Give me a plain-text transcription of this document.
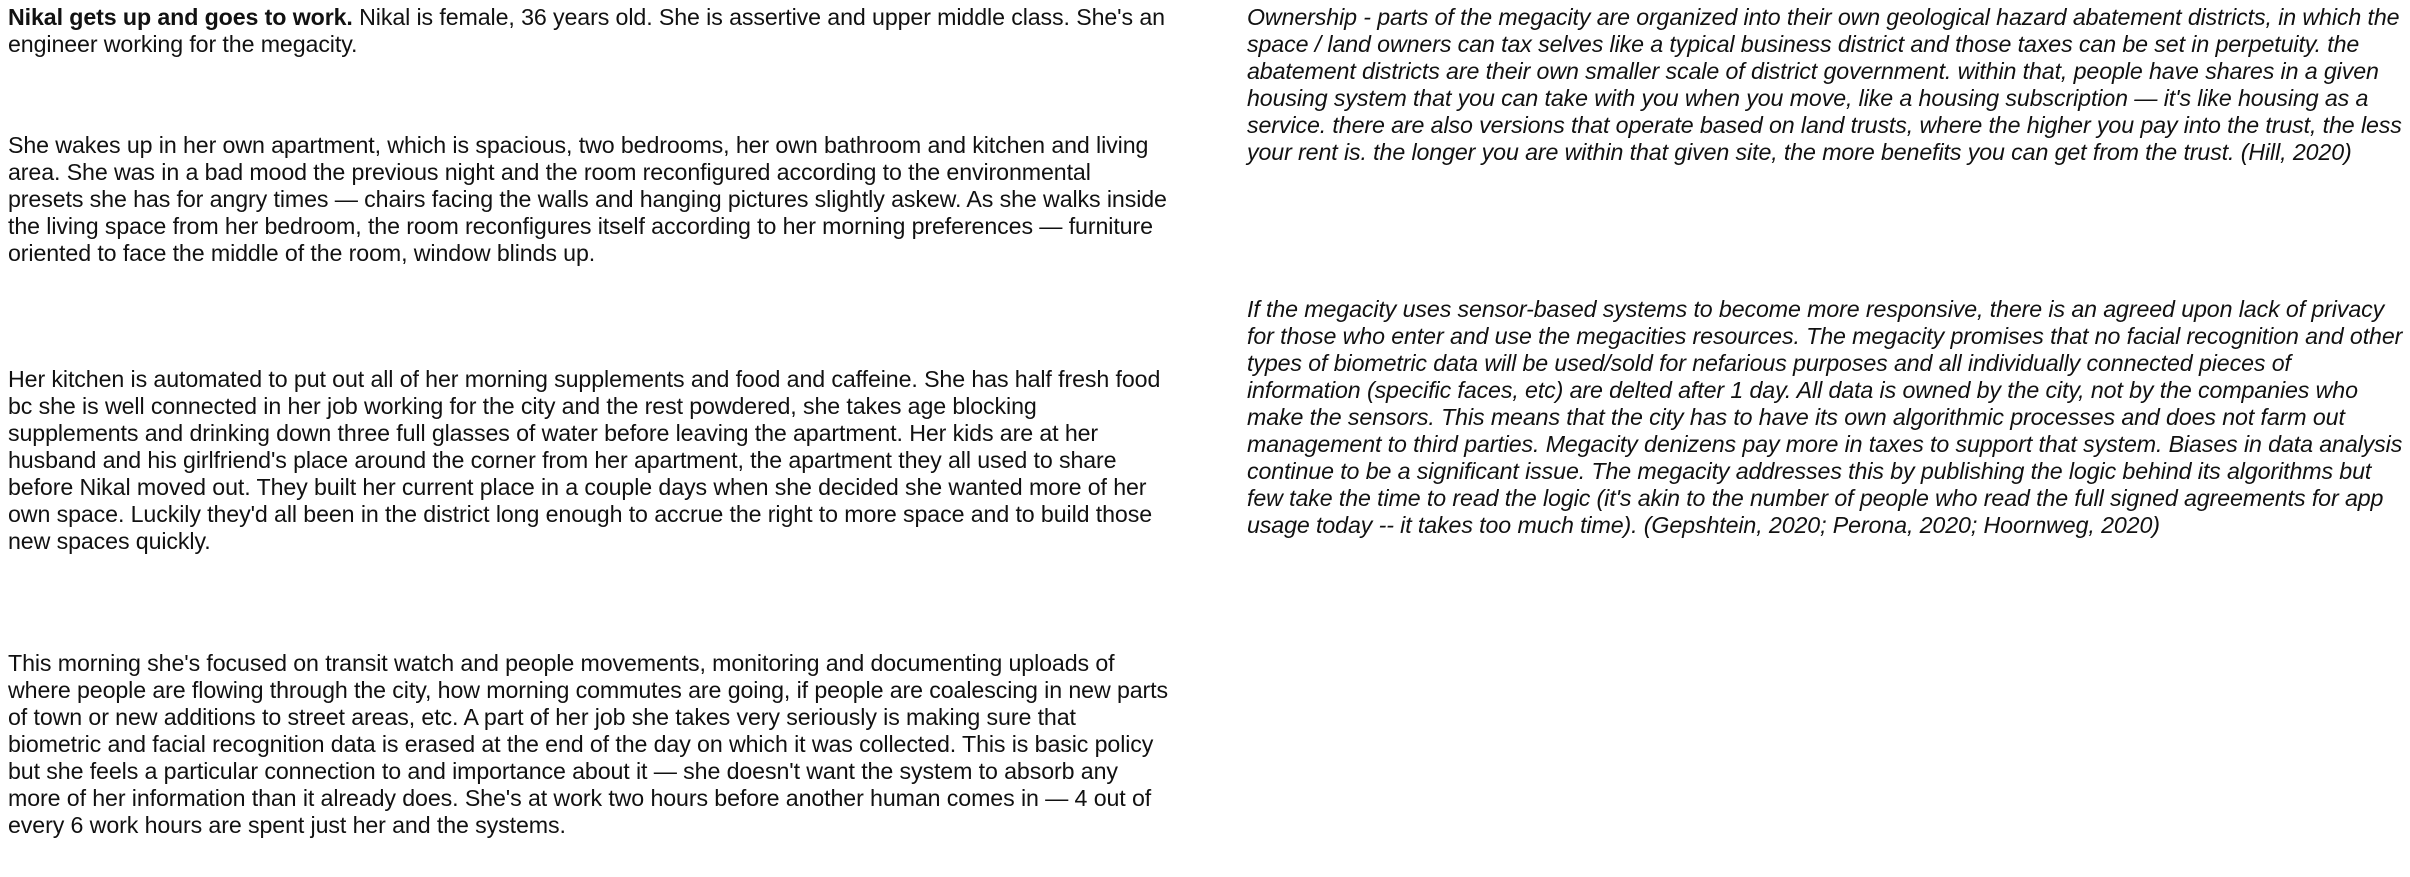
Nikal gets up and goes to work. Nikal is female, 36 years old. She is assertive and upper middle class. She's an engineer working for the megacity.

She wakes up in her own apartment, which is spacious, two bedrooms, her own bathroom and kitchen and living area. She was in a bad mood the previous night and the room reconfigured according to the environmental presets she has for angry times — chairs facing the walls and hanging pictures slightly askew. As she walks inside the living space from her bedroom, the room reconfigures itself according to her morning preferences — furniture oriented to face the middle of the room, window blinds up.

Her kitchen is automated to put out all of her morning supplements and food and caffeine. She has half fresh food bc she is well connected in her job working for the city and the rest powdered, she takes age blocking supplements and drinking down three full glasses of water before leaving the apartment. Her kids are at her husband and his girlfriend's place around the corner from her apartment, the apartment they all used to share before Nikal moved out. They built her current place in a couple days when she decided she wanted more of her own space. Luckily they'd all been in the district long enough to accrue the right to more space and to build those new spaces quickly.

This morning she's focused on transit watch and people movements, monitoring and documenting uploads of where people are flowing through the city, how morning commutes are going, if people are coalescing in new parts of town or new additions to street areas, etc. A part of her job she takes very seriously is making sure that biometric and facial recognition data is erased at the end of the day on which it was collected. This is basic policy but she feels a particular connection to and importance about it — she doesn't want the system to absorb any more of her information than it already does. She's at work two hours before another human comes in — 4 out of every 6 work hours are spent just her and the systems.

Ownership - parts of the megacity are organized into their own geological hazard abatement districts, in which the space / land owners can tax selves like a typical business district and those taxes can be set in perpetuity. the abatement districts are their own smaller scale of district government. within that, people have shares in a given housing system that you can take with you when you move, like a housing subscription — it's like housing as a service. there are also versions that operate based on land trusts, where the higher you pay into the trust, the less your rent is. the longer you are within that given site, the more benefits you can get from the trust. (Hill, 2020)

If the megacity uses sensor-based systems to become more responsive, there is an agreed upon lack of privacy for those who enter and use the megacities resources. The megacity promises that no facial recognition and other types of biometric data will be used/sold for nefarious purposes and all individually connected pieces of information (specific faces, etc) are delted after 1 day. All data is owned by the city, not by the companies who make the sensors. This means that the city has to have its own algorithmic processes and does not farm out management to third parties. Megacity denizens pay more in taxes to support that system. Biases in data analysis continue to be a significant issue. The megacity addresses this by publishing the logic behind its algorithms but few take the time to read the logic (it's akin to the number of people who read the full signed agreements for app usage today -- it takes too much time). (Gepshtein, 2020; Perona, 2020; Hoornweg, 2020)
